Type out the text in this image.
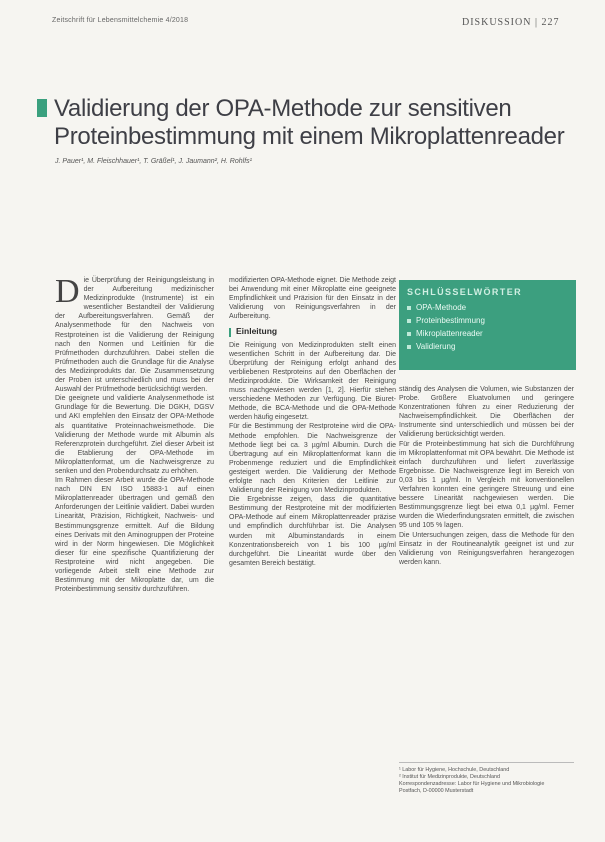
Zeitschrift für Lebensmittelchemie 4/2018	DISKUSSION | 227
Validierung der OPA-Methode zur sensitiven Proteinbestimmung mit einem Mikroplattenreader
J. Pauer¹, M. Fleischhauer¹, T. Gräßel¹, J. Jaumann², H. Rohlfs¹

Die Überprüfung der Reinigungsleistung in der Aufbereitung medizinischer Medizinprodukte (Instrumente) ist ein wesentlicher Bestandteil der Validierung der Aufbereitungsverfahren. Gemäß der Analysenmethode für den Nachweis von Restproteinen ist die Validierung der Reinigung nach den Normen und Leitlinien für die Prüfmethoden durchzuführen. Dabei stellen die Prüfmethoden auch die Grundlage für die Analyse des Medizinprodukts dar. Die Zusammensetzung der Proben ist unterschiedlich und muss bei der Auswahl der Prüfmethode berücksichtigt werden.

Die geeignete und validierte Analysenmethode ist Grundlage für die Bewertung. Die DGKH, DGSV und AKI empfehlen den Einsatz der OPA-Methode als quantitative Proteinnachweismethode. Die Validierung der Methode wurde mit Albumin als Referenzprotein durchgeführt. Ziel dieser Arbeit ist die Etablierung der OPA-Methode im Mikroplattenformat, um die Nachweisgrenze zu senken und den Probendurchsatz zu erhöhen.

Im Rahmen dieser Arbeit wurde die OPA-Methode nach DIN EN ISO 15883-1 auf einen Mikroplattenreader übertragen und gemäß den Anforderungen der Leitlinie validiert. Dabei wurden Linearität, Präzision, Richtigkeit, Nachweis- und Bestimmungsgrenze ermittelt. Auf die Bildung eines Derivats mit den Aminogruppen der Proteine wird in der Norm hingewiesen. Die Möglichkeit dieser für eine spezifische Quantifizierung der Restproteine wird nicht angegeben. Die vorliegende Arbeit stellt eine Methode zur Bestimmung mit der Mikroplatte dar, um die Proteinbestimmung sensitiv durchzuführen.

modifizierten OPA-Methode eignet. Die Methode zeigt bei Anwendung mit einer Mikroplatte eine geeignete Empfindlichkeit und Präzision für den Einsatz in der Validierung von Reinigungsverfahren in der Aufbereitung.

Einleitung

Die Reinigung von Medizinprodukten stellt einen wesentlichen Schritt in der Aufbereitung dar. Die Überprüfung der Reinigung erfolgt anhand des verbliebenen Restproteins auf den Oberflächen der Medizinprodukte. Die Wirksamkeit der Reinigung muss nachgewiesen werden [1, 2]. Hierfür stehen verschiedene Methoden zur Verfügung. Die Biuret-Methode, die BCA-Methode und die OPA-Methode werden häufig eingesetzt.

Für die Bestimmung der Restproteine wird die OPA-Methode empfohlen. Die Nachweisgrenze der Methode liegt bei ca. 3 µg/ml Albumin. Durch die Übertragung auf ein Mikroplattenformat kann die Probenmenge reduziert und die Empfindlichkeit gesteigert werden. Die Validierung der Methode erfolgte nach den Kriterien der Leitlinie zur Validierung der Reinigung von Medizinprodukten.

Die Ergebnisse zeigen, dass die quantitative Bestimmung der Restproteine mit der modifizierten OPA-Methode auf einem Mikroplattenreader präzise und empfindlich durchführbar ist. Die Analysen wurden mit Albuminstandards in einem Konzentrationsbereich von 1 bis 100 µg/ml durchgeführt. Die Linearität wurde über den gesamten Bereich bestätigt.

SCHLÜSSELWÖRTER
OPA-Methode
Proteinbestimmung
Mikroplattenreader
Validierung

ständig des Analysen die Volumen, wie Substanzen der Probe. Größere Eluatvolumen und geringere Konzentrationen führen zu einer Reduzierung der Nachweisempfindlichkeit. Die Oberflächen der Instrumente sind unterschiedlich und müssen bei der Validierung berücksichtigt werden.

Für die Proteinbestimmung hat sich die Durchführung im Mikroplattenformat mit OPA bewährt. Die Methode ist einfach durchzuführen und liefert zuverlässige Ergebnisse. Die Nachweisgrenze liegt im Bereich von 0,03 bis 1 µg/ml. In Vergleich mit konventionellen Verfahren konnten eine geringere Streuung und eine bessere Linearität nachgewiesen werden. Die Bestimmungsgrenze liegt bei etwa 0,1 µg/ml. Ferner wurden die Wiederfindungsraten ermittelt, die zwischen 95 und 105 % lagen.

Die Untersuchungen zeigen, dass die Methode für den Einsatz in der Routineanalytik geeignet ist und zur Validierung von Reinigungsverfahren herangezogen werden kann.

¹ Labor für Hygiene, Hochschule, Deutschland
² Institut für Medizinprodukte, Deutschland
Korrespondenzadresse: Labor für Hygiene und Mikrobiologie
Postfach, D-00000 Musterstadt
